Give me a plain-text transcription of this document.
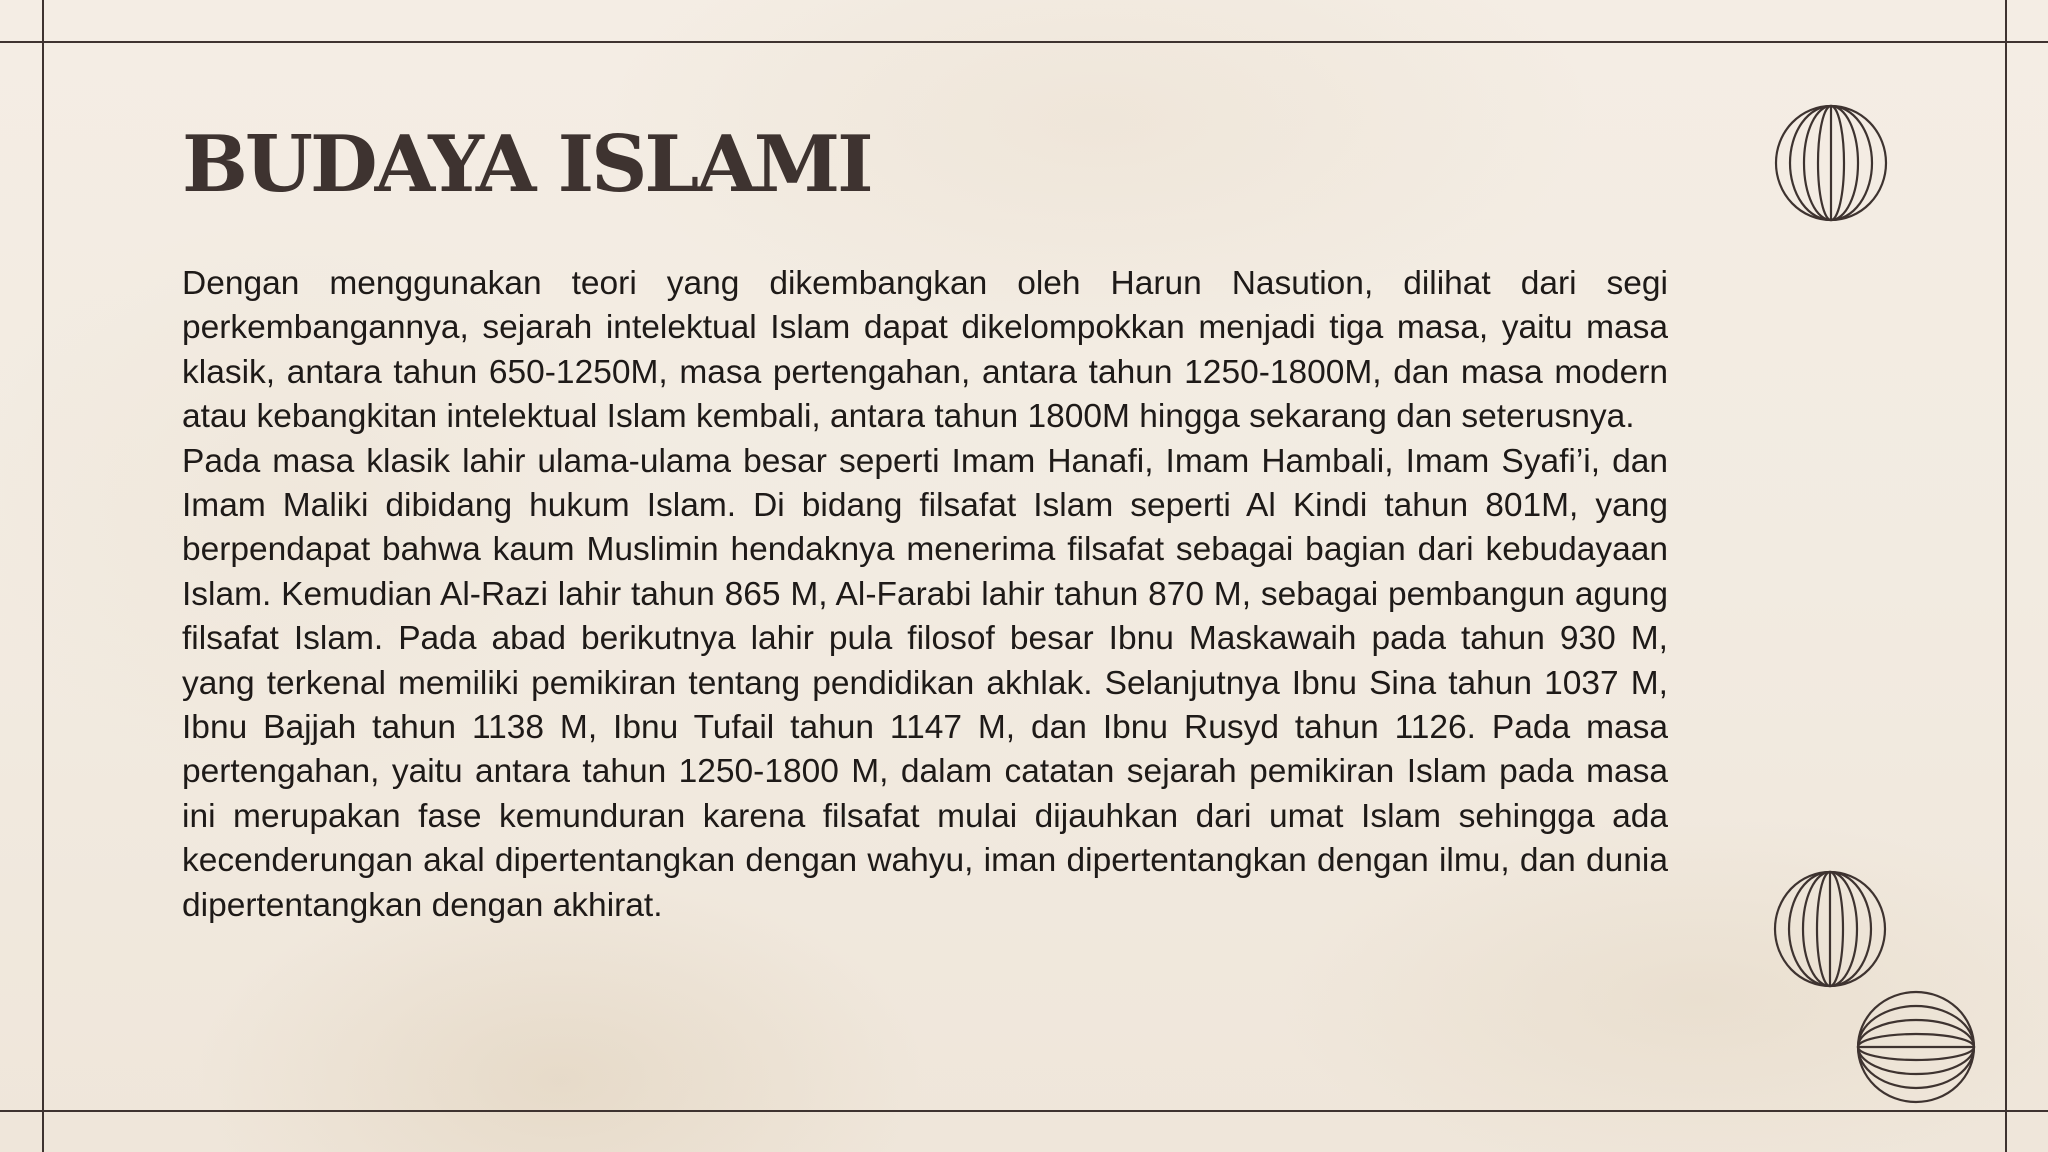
BUDAYA ISLAMI

Dengan menggunakan teori yang dikembangkan oleh Harun Nasution, dilihat dari segi perkembangannya, sejarah intelektual Islam dapat dikelompokkan menjadi tiga masa, yaitu masa klasik, antara tahun 650-1250M, masa pertengahan, antara tahun 1250-1800M, dan masa modern atau kebangkitan intelektual Islam kembali, antara tahun 1800M hingga sekarang dan seterusnya.

Pada masa klasik lahir ulama-ulama besar seperti Imam Hanafi, Imam Hambali, Imam Syafi’i, dan Imam Maliki dibidang hukum Islam. Di bidang filsafat Islam seperti Al Kindi tahun 801M, yang berpendapat bahwa kaum Muslimin hendaknya menerima filsafat sebagai bagian dari kebudayaan Islam. Kemudian Al-Razi lahir tahun 865 M, Al-Farabi lahir tahun 870 M, sebagai pembangun agung filsafat Islam. Pada abad berikutnya lahir pula filosof besar Ibnu Maskawaih pada tahun 930 M, yang terkenal memiliki pemikiran tentang pendidikan akhlak. Selanjutnya Ibnu Sina tahun 1037 M, Ibnu Bajjah tahun 1138 M, Ibnu Tufail tahun 1147 M, dan Ibnu Rusyd tahun 1126. Pada masa pertengahan, yaitu antara tahun 1250-1800 M, dalam catatan sejarah pemikiran Islam pada masa ini merupakan fase kemunduran karena filsafat mulai dijauhkan dari umat Islam sehingga ada kecenderungan akal dipertentangkan dengan wahyu, iman dipertentangkan dengan ilmu, dan dunia dipertentangkan dengan akhirat.
